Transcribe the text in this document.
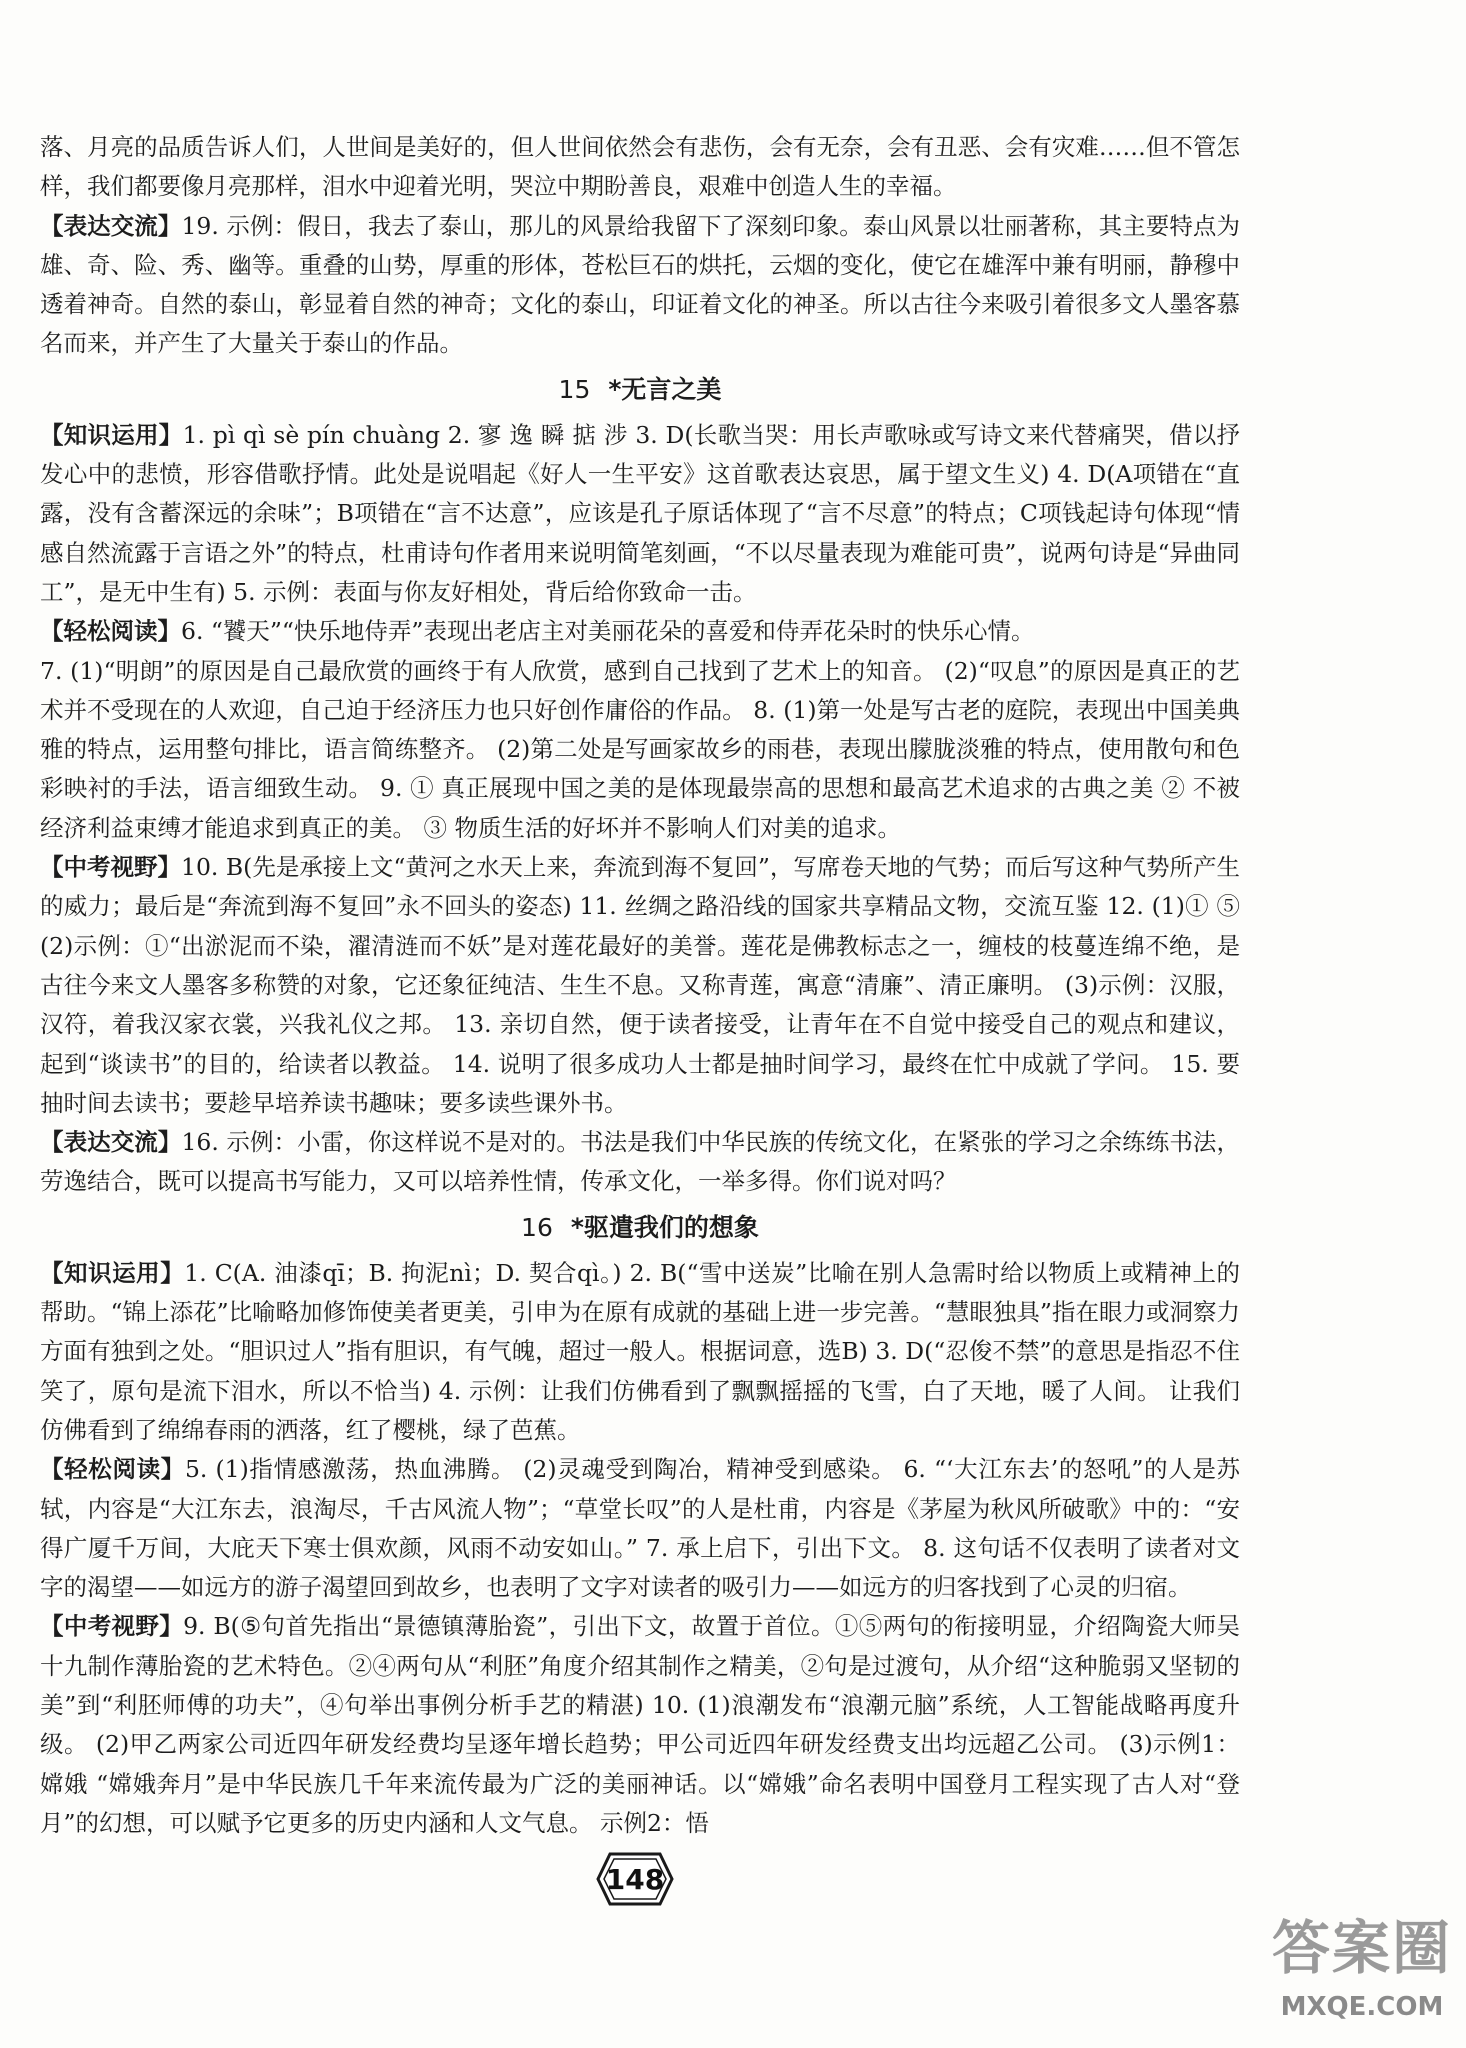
落、月亮的品质告诉人们，人世间是美好的，但人世间依然会有悲伤，会有无奈，会有丑恶、会有灾难……但不管怎样，我们都要像月亮那样，泪水中迎着光明，哭泣中期盼善良，艰难中创造人生的幸福。

【表达交流】19. 示例：假日，我去了泰山，那儿的风景给我留下了深刻印象。泰山风景以壮丽著称，其主要特点为雄、奇、险、秀、幽等。重叠的山势，厚重的形体，苍松巨石的烘托，云烟的变化，使它在雄浑中兼有明丽，静穆中透着神奇。自然的泰山，彰显着自然的神奇；文化的泰山，印证着文化的神圣。所以古往今来吸引着很多文人墨客慕名而来，并产生了大量关于泰山的作品。

15 *无言之美

【知识运用】1. pì qì sè pín chuàng 2. 寥 逸 瞬 掂 涉 3. D(长歌当哭：用长声歌咏或写诗文来代替痛哭，借以抒发心中的悲愤，形容借歌抒情。此处是说唱起《好人一生平安》这首歌表达哀思，属于望文生义) 4. D(A项错在“直露，没有含蓄深远的余味”；B项错在“言不达意”，应该是孔子原话体现了“言不尽意”的特点；C项钱起诗句体现“情感自然流露于言语之外”的特点，杜甫诗句作者用来说明简笔刻画，“不以尽量表现为难能可贵”，说两句诗是“异曲同工”，是无中生有) 5. 示例：表面与你友好相处，背后给你致命一击。

【轻松阅读】6. “饕天”“快乐地侍弄”表现出老店主对美丽花朵的喜爱和侍弄花朵时的快乐心情。

7. (1)“明朗”的原因是自己最欣赏的画终于有人欣赏，感到自己找到了艺术上的知音。 (2)“叹息”的原因是真正的艺术并不受现在的人欢迎，自己迫于经济压力也只好创作庸俗的作品。 8. (1)第一处是写古老的庭院，表现出中国美典雅的特点，运用整句排比，语言简练整齐。 (2)第二处是写画家故乡的雨巷，表现出朦胧淡雅的特点，使用散句和色彩映衬的手法，语言细致生动。 9. ① 真正展现中国之美的是体现最崇高的思想和最高艺术追求的古典之美 ② 不被经济利益束缚才能追求到真正的美。 ③ 物质生活的好坏并不影响人们对美的追求。

【中考视野】10. B(先是承接上文“黄河之水天上来，奔流到海不复回”，写席卷天地的气势；而后写这种气势所产生的威力；最后是“奔流到海不复回”永不回头的姿态) 11. 丝绸之路沿线的国家共享精品文物，交流互鉴 12. (1)① ⑤ (2)示例：①“出淤泥而不染，濯清涟而不妖”是对莲花最好的美誉。莲花是佛教标志之一，缠枝的枝蔓连绵不绝，是古往今来文人墨客多称赞的对象，它还象征纯洁、生生不息。又称青莲，寓意“清廉”、清正廉明。 (3)示例：汉服，汉符，着我汉家衣裳，兴我礼仪之邦。 13. 亲切自然，便于读者接受，让青年在不自觉中接受自己的观点和建议，起到“谈读书”的目的，给读者以教益。 14. 说明了很多成功人士都是抽时间学习，最终在忙中成就了学问。 15. 要抽时间去读书；要趁早培养读书趣味；要多读些课外书。

【表达交流】16. 示例：小雷，你这样说不是对的。书法是我们中华民族的传统文化，在紧张的学习之余练练书法，劳逸结合，既可以提高书写能力，又可以培养性情，传承文化，一举多得。你们说对吗？

16 *驱遣我们的想象

【知识运用】1. C(A. 油漆qī；B. 拘泥nì；D. 契合qì。) 2. B(“雪中送炭”比喻在别人急需时给以物质上或精神上的帮助。“锦上添花”比喻略加修饰使美者更美，引申为在原有成就的基础上进一步完善。“慧眼独具”指在眼力或洞察力方面有独到之处。“胆识过人”指有胆识，有气魄，超过一般人。根据词意，选B) 3. D(“忍俊不禁”的意思是指忍不住笑了，原句是流下泪水，所以不恰当) 4. 示例：让我们仿佛看到了飘飘摇摇的飞雪，白了天地，暖了人间。 让我们仿佛看到了绵绵春雨的洒落，红了樱桃，绿了芭蕉。

【轻松阅读】5. (1)指情感激荡，热血沸腾。 (2)灵魂受到陶冶，精神受到感染。 6. “‘大江东去’的怒吼”的人是苏轼，内容是“大江东去，浪淘尽，千古风流人物”；“草堂长叹”的人是杜甫，内容是《茅屋为秋风所破歌》中的：“安得广厦千万间，大庇天下寒士俱欢颜，风雨不动安如山。” 7. 承上启下，引出下文。 8. 这句话不仅表明了读者对文字的渴望——如远方的游子渴望回到故乡，也表明了文字对读者的吸引力——如远方的归客找到了心灵的归宿。

【中考视野】9. B(⑤句首先指出“景德镇薄胎瓷”，引出下文，故置于首位。①⑤两句的衔接明显，介绍陶瓷大师吴十九制作薄胎瓷的艺术特色。②④两句从“利胚”角度介绍其制作之精美，②句是过渡句，从介绍“这种脆弱又坚韧的美”到“利胚师傅的功夫”，④句举出事例分析手艺的精湛) 10. (1)浪潮发布“浪潮元脑”系统，人工智能战略再度升级。 (2)甲乙两家公司近四年研发经费均呈逐年增长趋势；甲公司近四年研发经费支出均远超乙公司。 (3)示例1：嫦娥 “嫦娥奔月”是中华民族几千年来流传最为广泛的美丽神话。以“嫦娥”命名表明中国登月工程实现了古人对“登月”的幻想，可以赋予它更多的历史内涵和人文气息。 示例2：悟

148
答案圈
MXQE.COM
